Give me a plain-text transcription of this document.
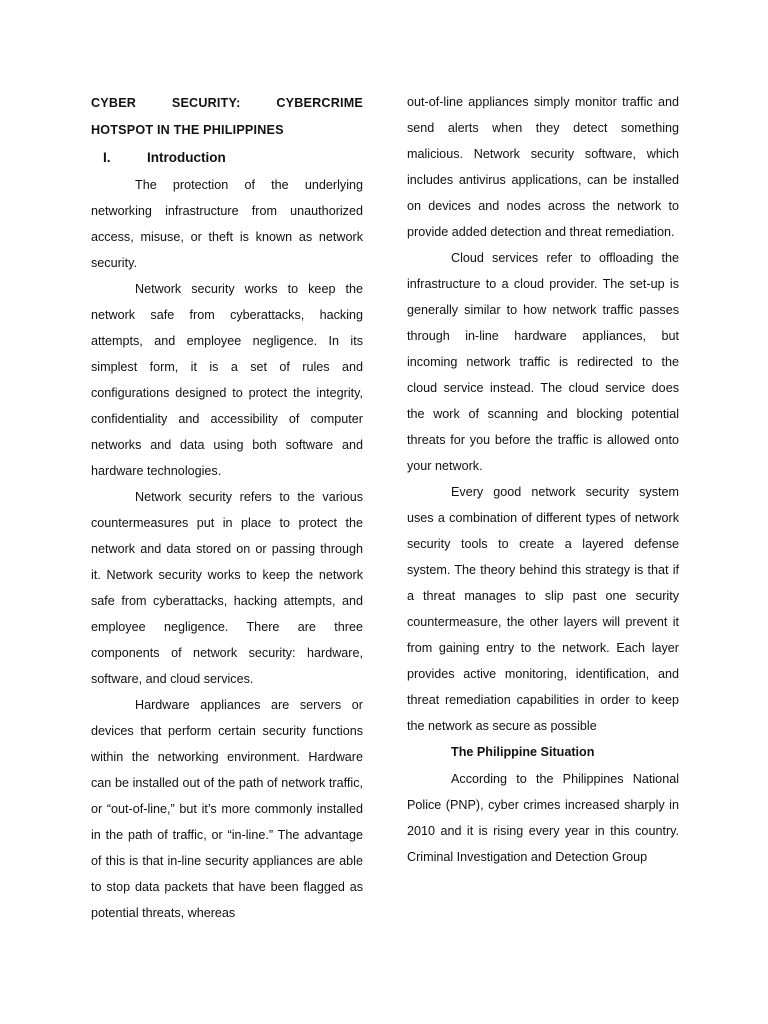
CYBER SECURITY: CYBERCRIME HOTSPOT IN THE PHILIPPINES
I.	Introduction

The protection of the underlying networking infrastructure from unauthorized access, misuse, or theft is known as network security.

Network security works to keep the network safe from cyberattacks, hacking attempts, and employee negligence. In its simplest form, it is a set of rules and configurations designed to protect the integrity, confidentiality and accessibility of computer networks and data using both software and hardware technologies.

Network security refers to the various countermeasures put in place to protect the network and data stored on or passing through it. Network security works to keep the network safe from cyberattacks, hacking attempts, and employee negligence. There are three components of network security: hardware, software, and cloud services.

Hardware appliances are servers or devices that perform certain security functions within the networking environment. Hardware can be installed out of the path of network traffic, or “out-of-line,” but it’s more commonly installed in the path of traffic, or “in-line.” The advantage of this is that in-line security appliances are able to stop data packets that have been flagged as potential threats, whereas

out-of-line appliances simply monitor traffic and send alerts when they detect something malicious. Network security software, which includes antivirus applications, can be installed on devices and nodes across the network to provide added detection and threat remediation.

Cloud services refer to offloading the infrastructure to a cloud provider. The set-up is generally similar to how network traffic passes through in-line hardware appliances, but incoming network traffic is redirected to the cloud service instead. The cloud service does the work of scanning and blocking potential threats for you before the traffic is allowed onto your network.

Every good network security system uses a combination of different types of network security tools to create a layered defense system. The theory behind this strategy is that if a threat manages to slip past one security countermeasure, the other layers will prevent it from gaining entry to the network. Each layer provides active monitoring, identification, and threat remediation capabilities in order to keep the network as secure as possible

The Philippine Situation

According to the Philippines National Police (PNP), cyber crimes increased sharply in 2010 and it is rising every year in this country. Criminal Investigation and Detection Group
